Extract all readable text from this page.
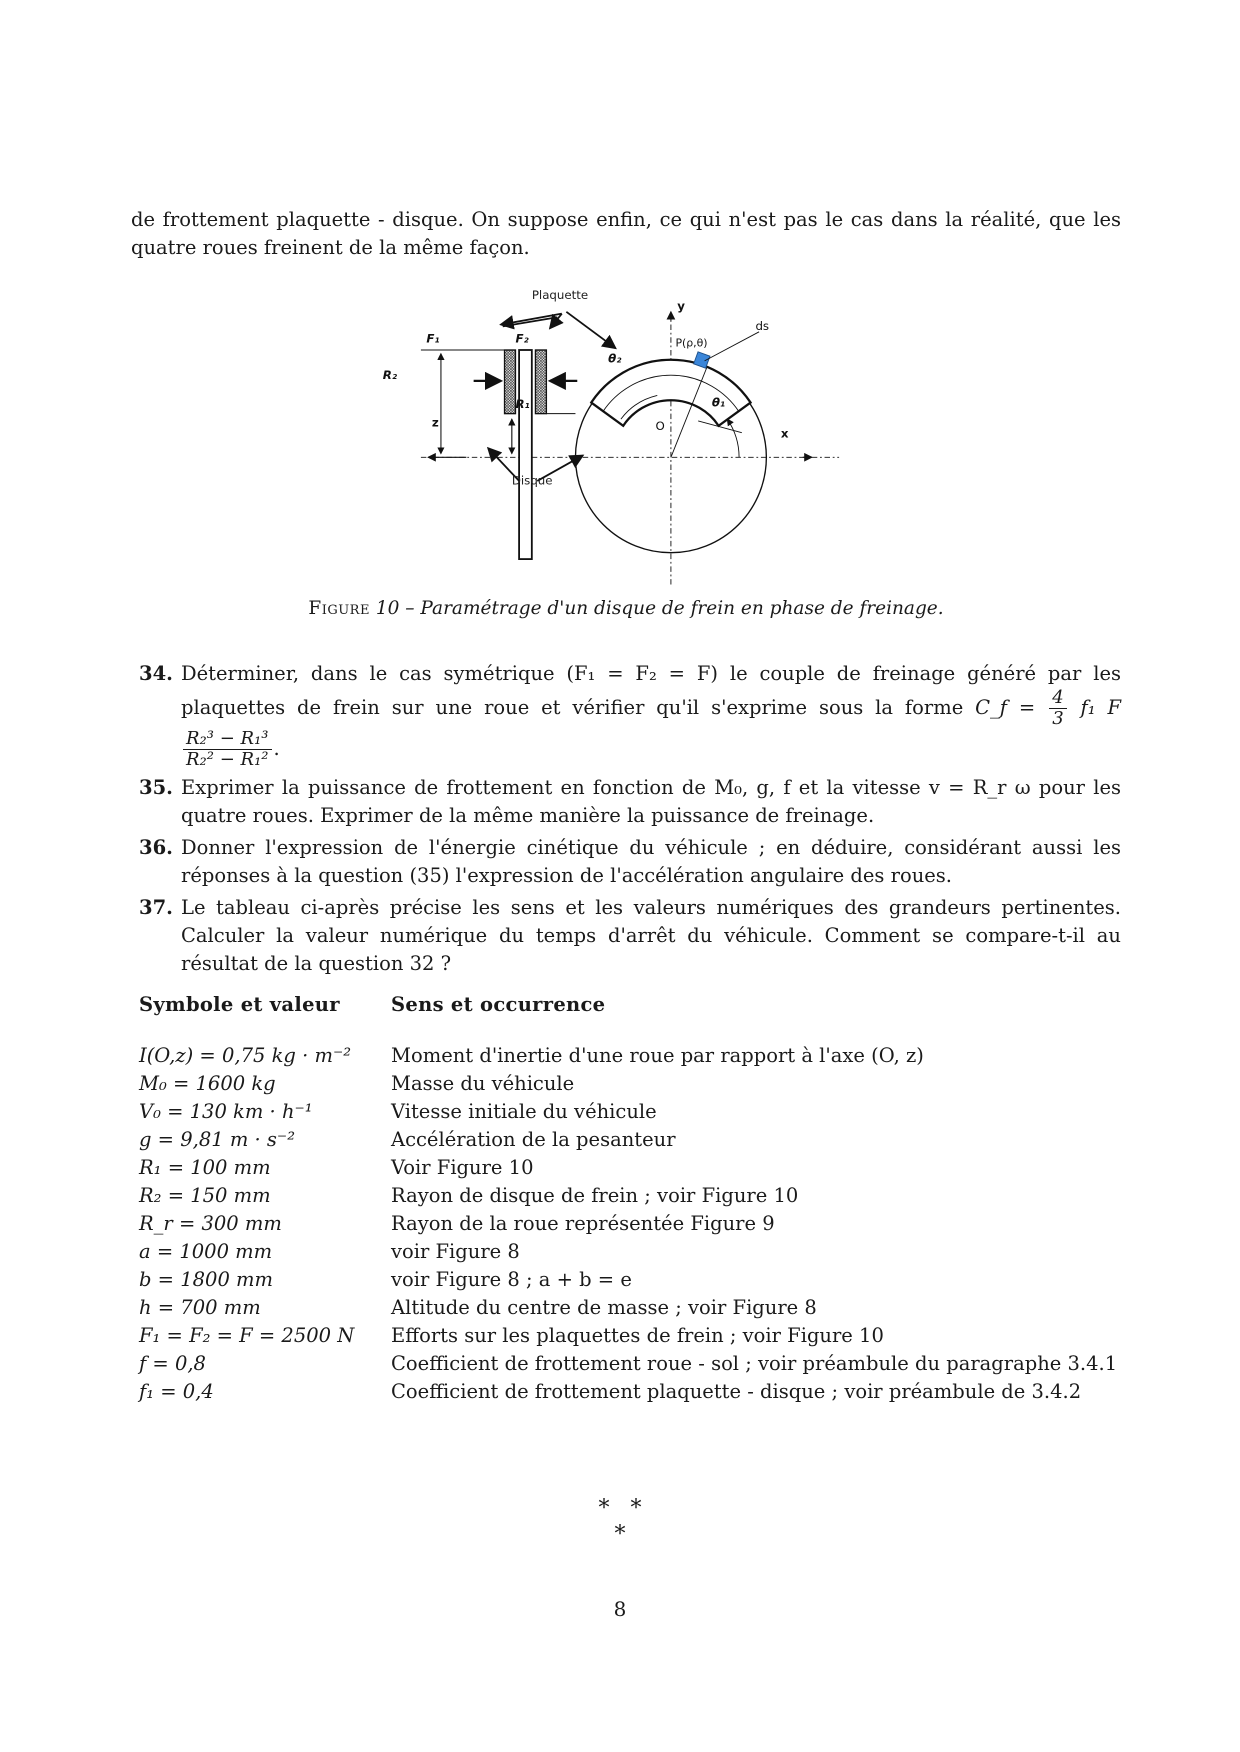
de frottement plaquette - disque. On suppose enfin, ce qui n'est pas le cas dans la réalité, que les quatre roues freinent de la même façon.

Plaquette
Disque
F₁	F₂
R₂
R₁
z
y
x
O
ds
P(ρ,θ)
θ₁
θ₂
Figure 10 – Paramétrage d'un disque de frein en phase de freinage.
34. Déterminer, dans le cas symétrique (F₁ = F₂ = F) le couple de freinage généré par les plaquettes de frein sur une roue et vérifier qu'il s'exprime sous la forme C_f = $\frac{4}{3} f_1$ F
$\frac{\text{R₂³ − R₁³}}{\text{R₂² − R₁²}}$ .
35. Exprimer la puissance de frottement en fonction de M₀, g, f et la vitesse v = R_r ω pour les quatre roues. Exprimer de la même manière la puissance de freinage.
36. Donner l'expression de l'énergie cinétique du véhicule ; en déduire, considérant aussi les réponses à la question (35) l'expression de l'accélération angulaire des roues.
37. Le tableau ci-après précise les sens et les valeurs numériques des grandeurs pertinentes. Calculer la valeur numérique du temps d'arrêt du véhicule. Comment se compare-t-il au résultat de la question 32 ?
Symbole et valeur	Sens et occurrence
I(O,z) = 0,75 kg · m⁻²	Moment d'inertie d'une roue par rapport à l'axe (O, z)
M₀ = 1600 kg	Masse du véhicule
V₀ = 130 km · h⁻¹	Vitesse initiale du véhicule
g = 9,81 m · s⁻²	Accélération de la pesanteur
R₁ = 100 mm	Voir Figure 10
R₂ = 150 mm	Rayon de disque de frein ; voir Figure 10
R_r = 300 mm	Rayon de la roue représentée Figure 9
a = 1000 mm	voir Figure 8
b = 1800 mm	voir Figure 8 ; a + b = e
h = 700 mm	Altitude du centre de masse ; voir Figure 8
F₁ = F₂ = F = 2500 N	Efforts sur les plaquettes de frein ; voir Figure 10
f = 0,8	Coefficient de frottement roue - sol ; voir préambule du paragraphe 3.4.1
f₁ = 0,4	Coefficient de frottement plaquette - disque ; voir préambule de 3.4.2
*   *
*
8
